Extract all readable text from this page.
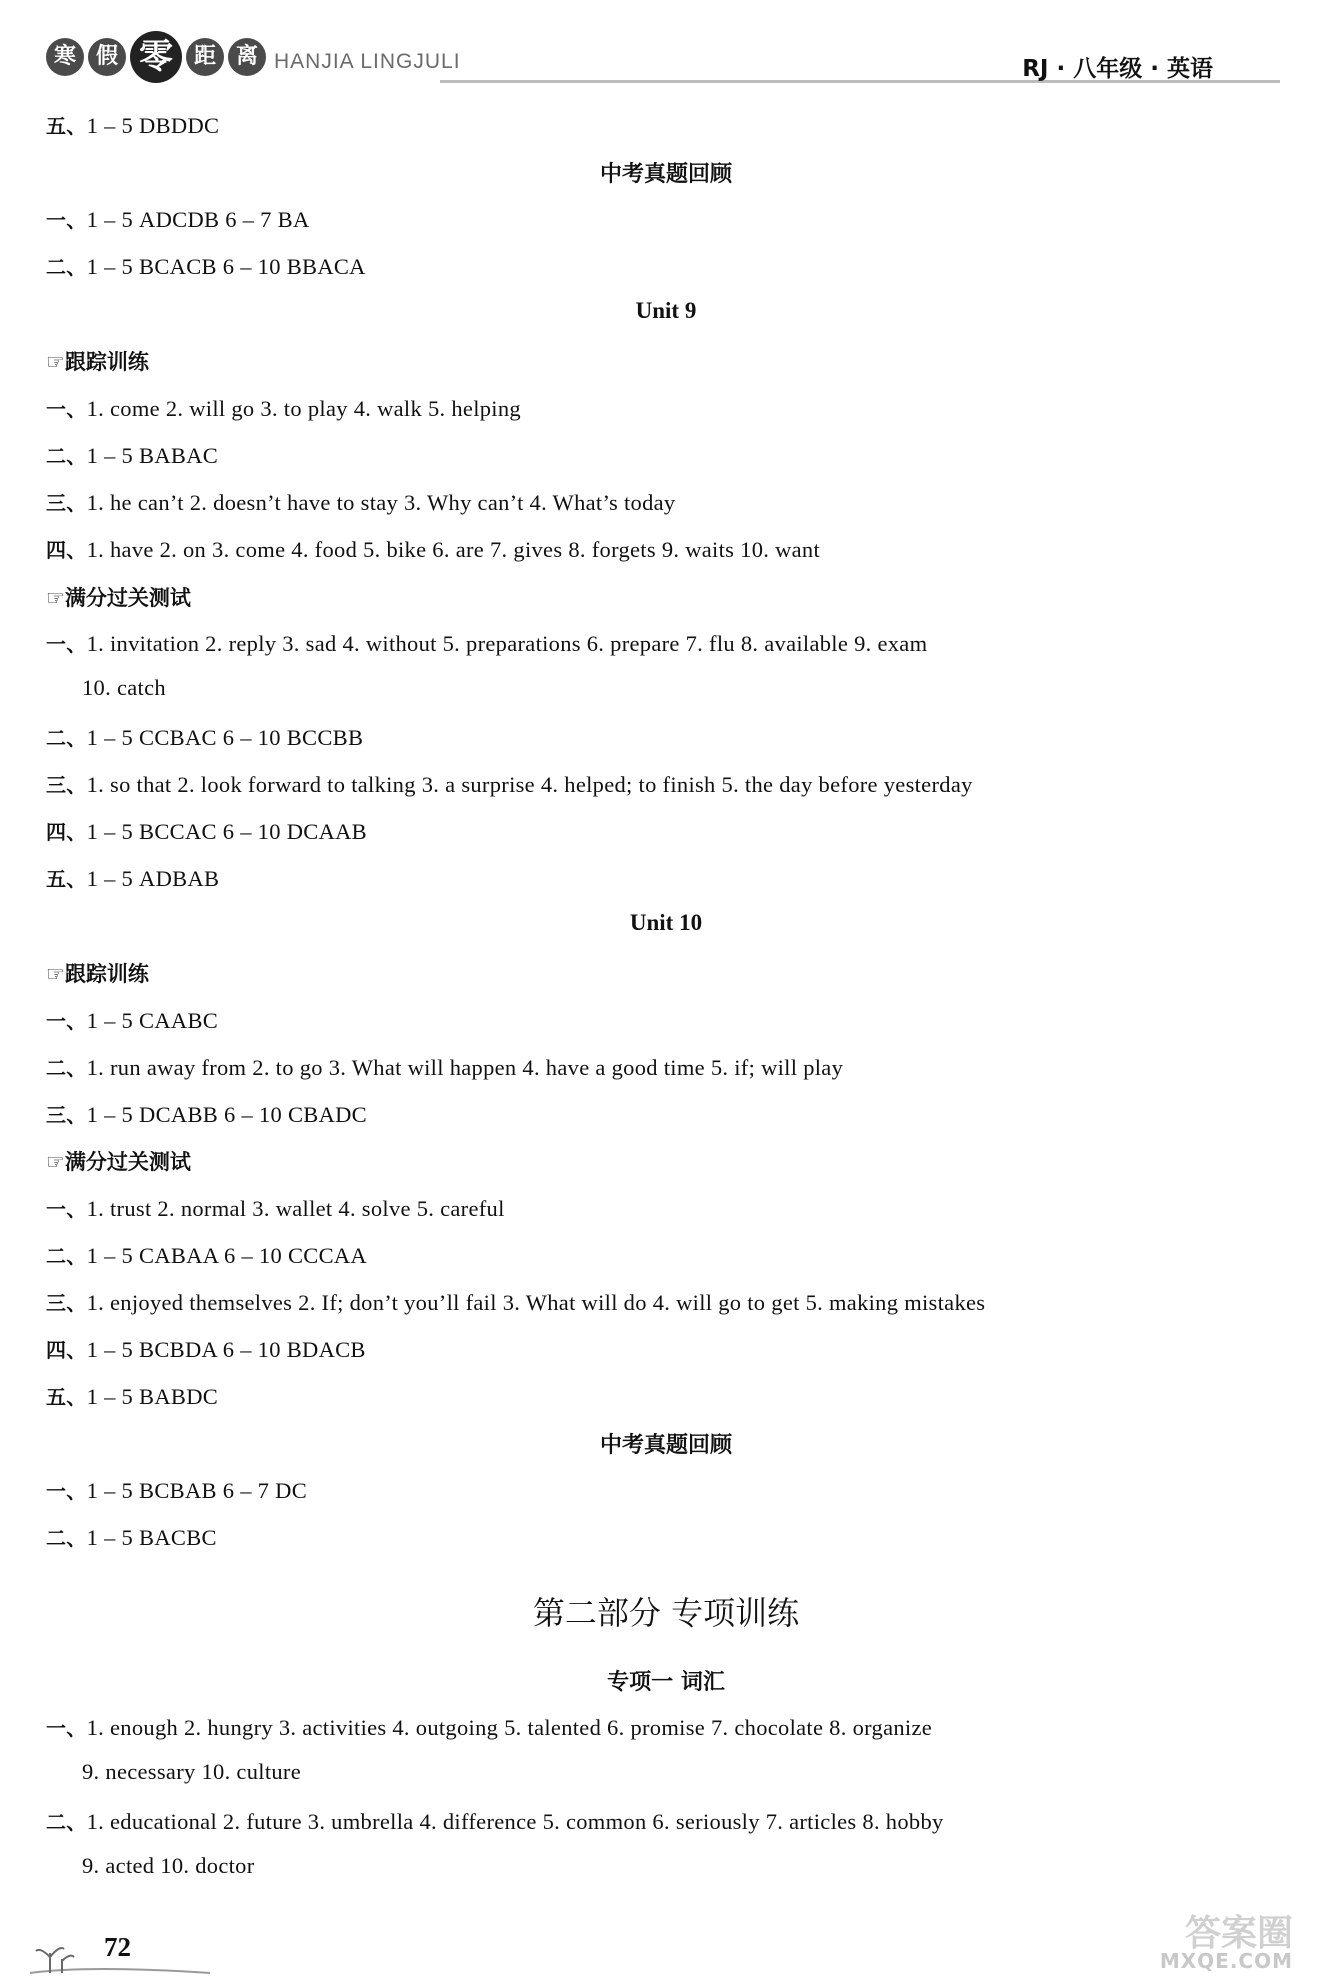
寒 假 零 距 离 HANJIA LINGJULI	RJ · 八年级 · 英语
五、1 – 5 DBDDC
中考真题回顾
一、1 – 5 ADCDB 6 – 7 BA
二、1 – 5 BCACB 6 – 10 BBACA
Unit 9
☞跟踪训练
一、1. come 2. will go 3. to play 4. walk 5. helping
二、1 – 5 BABAC
三、1. he can’t 2. doesn’t have to stay 3. Why can’t 4. What’s today
四、1. have 2. on 3. come 4. food 5. bike 6. are 7. gives 8. forgets 9. waits 10. want
☞满分过关测试
一、1. invitation 2. reply 3. sad 4. without 5. preparations 6. prepare 7. flu 8. available 9. exam
10. catch
二、1 – 5 CCBAC 6 – 10 BCCBB
三、1. so that 2. look forward to talking 3. a surprise 4. helped; to finish 5. the day before yesterday
四、1 – 5 BCCAC 6 – 10 DCAAB
五、1 – 5 ADBAB
Unit 10
☞跟踪训练
一、1 – 5 CAABC
二、1. run away from 2. to go 3. What will happen 4. have a good time 5. if; will play
三、1 – 5 DCABB 6 – 10 CBADC
☞满分过关测试
一、1. trust 2. normal 3. wallet 4. solve 5. careful
二、1 – 5 CABAA 6 – 10 CCCAA
三、1. enjoyed themselves 2. If; don’t you’ll fail 3. What will do 4. will go to get 5. making mistakes
四、1 – 5 BCBDA 6 – 10 BDACB
五、1 – 5 BABDC
中考真题回顾
一、1 – 5 BCBAB 6 – 7 DC
二、1 – 5 BACBC
第二部分 专项训练
专项一 词汇
一、1. enough 2. hungry 3. activities 4. outgoing 5. talented 6. promise 7. chocolate 8. organize
9. necessary 10. culture
二、1. educational 2. future 3. umbrella 4. difference 5. common 6. seriously 7. articles 8. hobby
9. acted 10. doctor
72	答案圈
MXQE.COM
